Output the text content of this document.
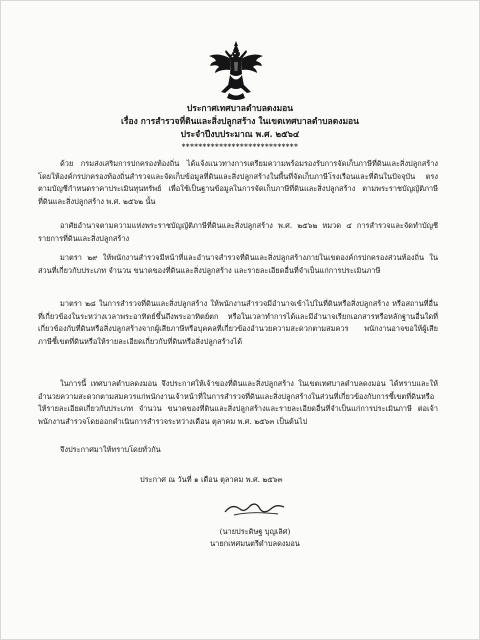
ประกาศเทศบาลตำบลดงมอน
เรื่อง การสำรวจที่ดินและสิ่งปลูกสร้าง ในเขตเทศบาลตำบลดงมอน
ประจำปีงบประมาณ พ.ศ. ๒๕๖๔
****************************
ด้วย กรมส่งเสริมการปกครองท้องถิ่น ได้แจ้งแนวทางการเตรียมความพร้อมรองรับการจัดเก็บภาษีที่ดินและสิ่งปลูกสร้าง โดยให้องค์กรปกครองท้องถิ่นสำรวจและจัดเก็บข้อมูลที่ดินและสิ่งปลูกสร้างในพื้นที่จัดเก็บภาษีโรงเรือนและที่ดินในปัจจุบัน ตรงตามบัญชีกำหนดราคาประเมินทุนทรัพย์ เพื่อใช้เป็นฐานข้อมูลในการจัดเก็บภาษีที่ดินและสิ่งปลูกสร้าง ตามพระราชบัญญัติภาษีที่ดินและสิ่งปลูกสร้าง พ.ศ. ๒๕๖๒ นั้น
อาศัยอำนาจตามความแห่งพระราชบัญญัติภาษีที่ดินและสิ่งปลูกสร้าง พ.ศ. ๒๕๖๒ หมวด ๔ การสำรวจและจัดทำบัญชีรายการที่ดินและสิ่งปลูกสร้าง
มาตรา ๒๙ ให้พนักงานสำรวจมีหน้าที่และอำนาจสำรวจที่ดินและสิ่งปลูกสร้างภายในเขตองค์กรปกครองส่วนท้องถิ่น ในส่วนที่เกี่ยวกับประเภท จำนวน ขนาดของที่ดินและสิ่งปลูกสร้าง และรายละเอียดอื่นที่จำเป็นแก่การประเมินภาษี
มาตรา ๒๘ ในการสำรวจที่ดินและสิ่งปลูกสร้าง ให้พนักงานสำรวจมีอำนาจเข้าไปในที่ดินหรือสิ่งปลูกสร้าง หรือสถานที่อื่นที่เกี่ยวข้องในระหว่างเวลาพระอาทิตย์ขึ้นถึงพระอาทิตย์ตก หรือในเวลาทำการได้และมีอำนาจเรียกเอกสารหรือหลักฐานอื่นใดที่เกี่ยวข้องกับที่ดินหรือสิ่งปลูกสร้างจากผู้เสียภาษีหรือบุคคลที่เกี่ยวข้องอำนวยความสะดวกตามสมควร พนักงานอาจขอให้ผู้เสียภาษีชี้เขตที่ดินหรือให้รายละเอียดเกี่ยวกับที่ดินหรือสิ่งปลูกสร้างได้
ในการนี้ เทศบาลตำบลดงมอน จึงประกาศให้เจ้าของที่ดินและสิ่งปลูกสร้าง ในเขตเทศบาลตำบลดงมอน ได้ทราบและให้อำนวยความสะดวกตามสมควรแก่พนักงานเจ้าหน้าที่ในการสำรวจที่ดินและสิ่งปลูกสร้างในส่วนที่เกี่ยวข้องกับการชี้เขตที่ดินหรือให้รายละเอียดเกี่ยวกับประเภท จำนวน ขนาดของที่ดินและสิ่งปลูกสร้างและรายละเอียดอื่นที่จำเป็นแก่การประเมินภาษี ต่อเจ้าพนักงานสำรวจโดยออกดำเนินการสำรวจระหว่างเดือน ตุลาคม พ.ศ. ๒๕๖๓ เป็นต้นไป
จึงประกาศมาให้ทราบโดยทั่วกัน
ประกาศ ณ วันที่ ๑ เดือน ตุลาคม พ.ศ. ๒๕๖๓
(นายประดิษฐ บุญเลิศ)
นายกเทศมนตรีตำบลดงมอน
